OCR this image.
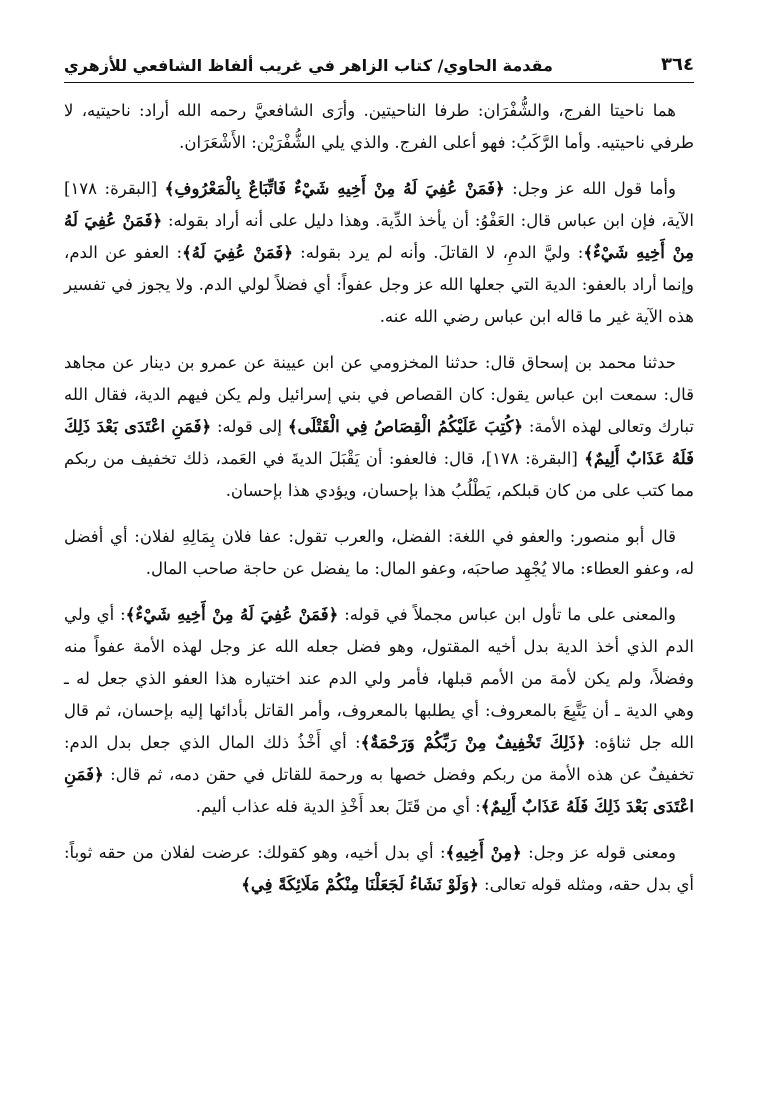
٣٦٤
مقدمة الحاوي/ كتاب الزاهر في غريب ألفاظ الشافعي للأزهري

هما ناحيتا الفرج، والشُّفْرَان: طرفا الناحيتين. وأرَى الشافعيَّ رحمه الله أراد: ناحيتيه، لا طرفي ناحيتيه. وأما الرَّكَبُ: فهو أعلى الفرج. والذي يلي الشُّفْرَيْن: الأَشْعَرَان.

وأما قول الله عز وجل: ﴿فَمَنْ عُفِيَ لَهُ مِنْ أَخِيهِ شَيْءٌ فَاتِّبَاعٌ بِالْمَعْرُوفِ﴾ [البقرة: ١٧٨] الآية، فإن ابن عباس قال: العَفْوُ: أن يأخذ الدِّية. وهذا دليل على أنه أراد بقوله: ﴿فَمَنْ عُفِيَ لَهُ مِنْ أَخِيهِ شَيْءٌ﴾: وليَّ الدمِ، لا القاتلَ. وأنه لم يرد بقوله: ﴿فَمَنْ عُفِيَ لَهُ﴾: العفو عن الدم، وإنما أراد بالعفو: الدية التي جعلها الله عز وجل عفواً: أي فضلاً لولي الدم. ولا يجوز في تفسير هذه الآية غير ما قاله ابن عباس رضي الله عنه.

حدثنا محمد بن إسحاق قال: حدثنا المخزومي عن ابن عيينة عن عمرو بن دينار عن مجاهد قال: سمعت ابن عباس يقول: كان القصاص في بني إسرائيل ولم يكن فيهم الدية، فقال الله تبارك وتعالى لهذه الأمة: ﴿كُتِبَ عَلَيْكُمُ الْقِصَاصُ فِي الْقَتْلَى﴾ إلى قوله: ﴿فَمَنِ اعْتَدَى بَعْدَ ذَلِكَ فَلَهُ عَذَابٌ أَلِيمٌ﴾ [البقرة: ١٧٨]، قال: فالعفو: أن يَقْبَلَ الديةَ في العَمد، ذلك تخفيف من ربكم مما كتب على من كان قبلكم، يَطْلُبُ هذا بإحسان، ويؤدي هذا بإحسان.

قال أبو منصور: والعفو في اللغة: الفضل، والعرب تقول: عفا فلان بِمَالِهِ لفلان: أي أفضل له، وعفو العطاء: مالا يُجْهِد صاحبَه، وعفو المال: ما يفضل عن حاجة صاحب المال.

والمعنى على ما تأول ابن عباس مجملاً في قوله: ﴿فَمَنْ عُفِيَ لَهُ مِنْ أَخِيهِ شَيْءٌ﴾: أي ولي الدم الذي أخذ الدية بدل أخيه المقتول، وهو فضل جعله الله عز وجل لهذه الأمة عفواً منه وفضلاً، ولم يكن لأمة من الأمم قبلها، فأمر ولي الدم عند اختياره هذا العفو الذي جعل له ـ وهي الدية ـ أن يَتَّبِعَ بالمعروف: أي يطلبها بالمعروف، وأمر القاتل بأدائها إليه بإحسان، ثم قال الله جل ثناؤه: ﴿ذَلِكَ تَخْفِيفٌ مِنْ رَبِّكُمْ وَرَحْمَةٌ﴾: أي أَخْذُ ذلك المال الذي جعل بدل الدم: تخفيفٌ عن هذه الأمة من ربكم وفضل خصها به ورحمة للقاتل في حقن دمه، ثم قال: ﴿فَمَنِ اعْتَدَى بَعْدَ ذَلِكَ فَلَهُ عَذَابٌ أَلِيمٌ﴾: أي من قَتَلَ بعد أَخْذِ الدية فله عذاب أليم.

ومعنى قوله عز وجل: ﴿مِنْ أَخِيهِ﴾: أي بدل أخيه، وهو كقولك: عرضت لفلان من حقه ثوباً: أي بدل حقه، ومثله قوله تعالى: ﴿وَلَوْ نَشَاءُ لَجَعَلْنَا مِنْكُمْ مَلَائِكَةً فِي﴾
